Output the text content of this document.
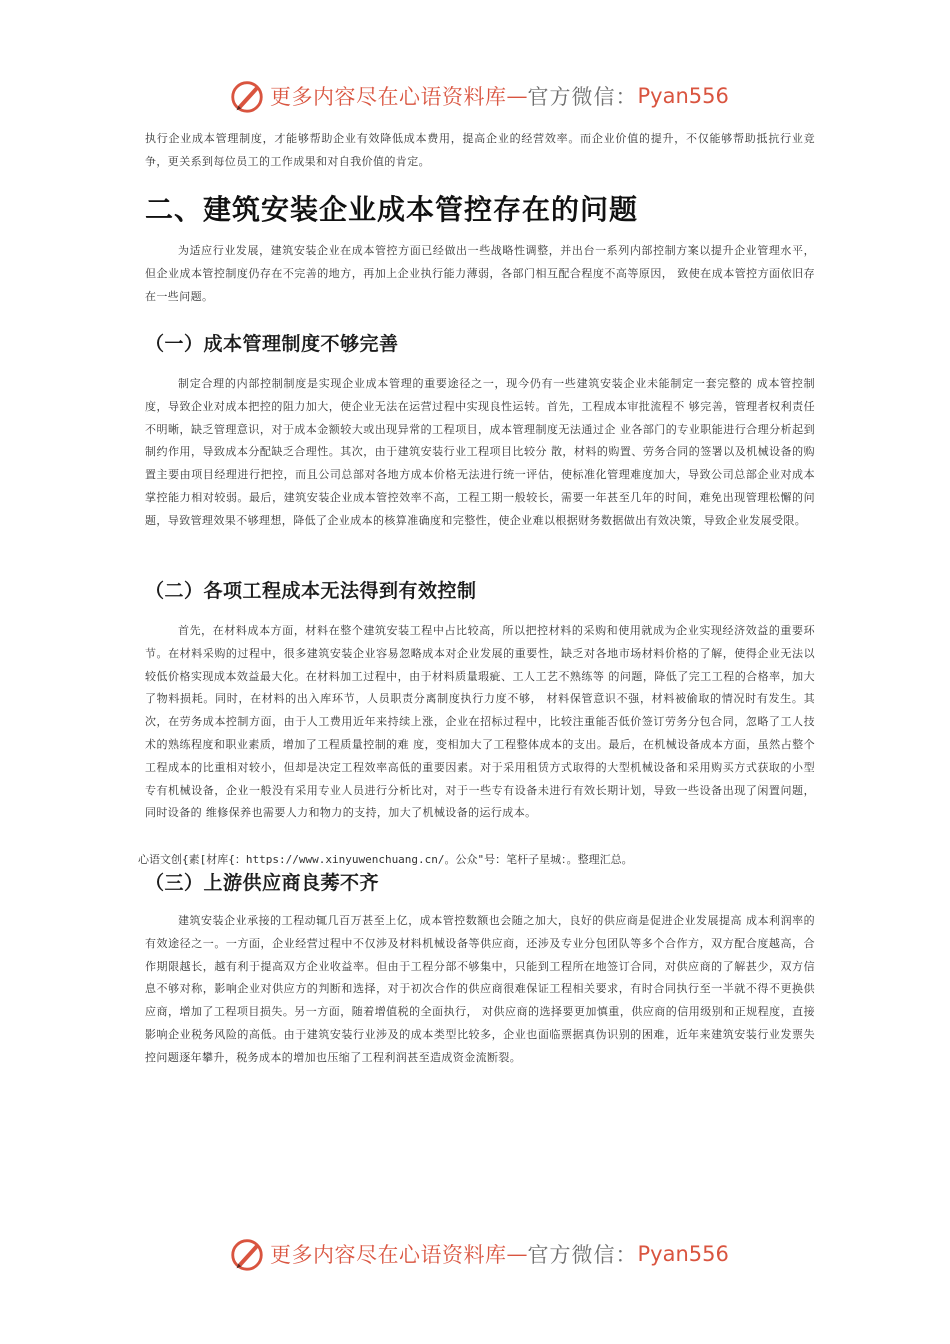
更多内容尽在心语资料库 — 官方微信： Pyan556

执行企业成本管理制度，才能够帮助企业有效降低成本费用，提高企业的经营效率。而企业价值的提升，不仅能够帮助抵抗行业竞争，更关系到每位员工的工作成果和对自我价值的肯定。

二、建筑安装企业成本管控存在的问题

为适应行业发展，建筑安装企业在成本管控方面已经做出一些战略性调整，并出台一系列内部控制方案以提升企业管理水平，但企业成本管控制度仍存在不完善的地方，再加上企业执行能力薄弱，各部门相互配合程度不高等原因， 致使在成本管控方面依旧存在一些问题。

（一）成本管理制度不够完善

制定合理的内部控制制度是实现企业成本管理的重要途径之一，现今仍有一些建筑安装企业未能制定一套完整的 成本管控制度，导致企业对成本把控的阻力加大，使企业无法在运营过程中实现良性运转。首先，工程成本审批流程不 够完善，管理者权利责任不明晰，缺乏管理意识，对于成本金额较大或出现异常的工程项目，成本管理制度无法通过企 业各部门的专业职能进行合理分析起到制约作用，导致成本分配缺乏合理性。其次，由于建筑安装行业工程项目比较分 散，材料的购置、劳务合同的签署以及机械设备的购置主要由项目经理进行把控，而且公司总部对各地方成本价格无法进行统一评估，使标准化管理难度加大，导致公司总部企业对成本掌控能力相对较弱。最后，建筑安装企业成本管控效率不高，工程工期一般较长，需要一年甚至几年的时间，难免出现管理松懈的问题，导致管理效果不够理想，降低了企业成本的核算准确度和完整性，使企业难以根据财务数据做出有效决策，导致企业发展受限。

（二）各项工程成本无法得到有效控制

首先，在材料成本方面，材料在整个建筑安装工程中占比较高，所以把控材料的采购和使用就成为企业实现经济效益的重要环节。在材料采购的过程中，很多建筑安装企业容易忽略成本对企业发展的重要性，缺乏对各地市场材料价格的了解，使得企业无法以较低价格实现成本效益最大化。在材料加工过程中，由于材料质量瑕疵、工人工艺不熟练等 的问题，降低了完工工程的合格率，加大了物料损耗。同时，在材料的出入库环节，人员职责分离制度执行力度不够， 材料保管意识不强，材料被偷取的情况时有发生。其次，在劳务成本控制方面，由于人工费用近年来持续上涨，企业在招标过程中，比较注重能否低价签订劳务分包合同，忽略了工人技术的熟练程度和职业素质，增加了工程质量控制的难 度，变相加大了工程整体成本的支出。最后，在机械设备成本方面，虽然占整个工程成本的比重相对较小，但却是决定工程效率高低的重要因素。对于采用租赁方式取得的大型机械设备和采用购买方式获取的小型专有机械设备，企业一般没有采用专业人员进行分析比对，对于一些专有设备未进行有效长期计划，导致一些设备出现了闲置问题，同时设备的 维修保养也需要人力和物力的支持，加大了机械设备的运行成本。

心语文创{素[材库{：https://www.xinyuwenchuang.cn/。公众"号：笔杆子星城：。整理汇总。
（三）上游供应商良莠不齐

建筑安装企业承接的工程动辄几百万甚至上亿，成本管控数额也会随之加大，良好的供应商是促进企业发展提高 成本利润率的有效途径之一。一方面，企业经营过程中不仅涉及材料机械设备等供应商，还涉及专业分包团队等多个合作方，双方配合度越高，合作期限越长，越有利于提高双方企业收益率。但由于工程分部不够集中，只能到工程所在地签订合同，对供应商的了解甚少，双方信息不够对称，影响企业对供应方的判断和选择，对于初次合作的供应商很难保证工程相关要求，有时合同执行至一半就不得不更换供应商，增加了工程项目损失。另一方面，随着增值税的全面执行， 对供应商的选择要更加慎重，供应商的信用级别和正规程度，直接影响企业税务风险的高低。由于建筑安装行业涉及的成本类型比较多，企业也面临票据真伪识别的困难，近年来建筑安装行业发票失控问题逐年攀升，税务成本的增加也压缩了工程利润甚至造成资金流断裂。

更多内容尽在心语资料库 — 官方微信： Pyan556
